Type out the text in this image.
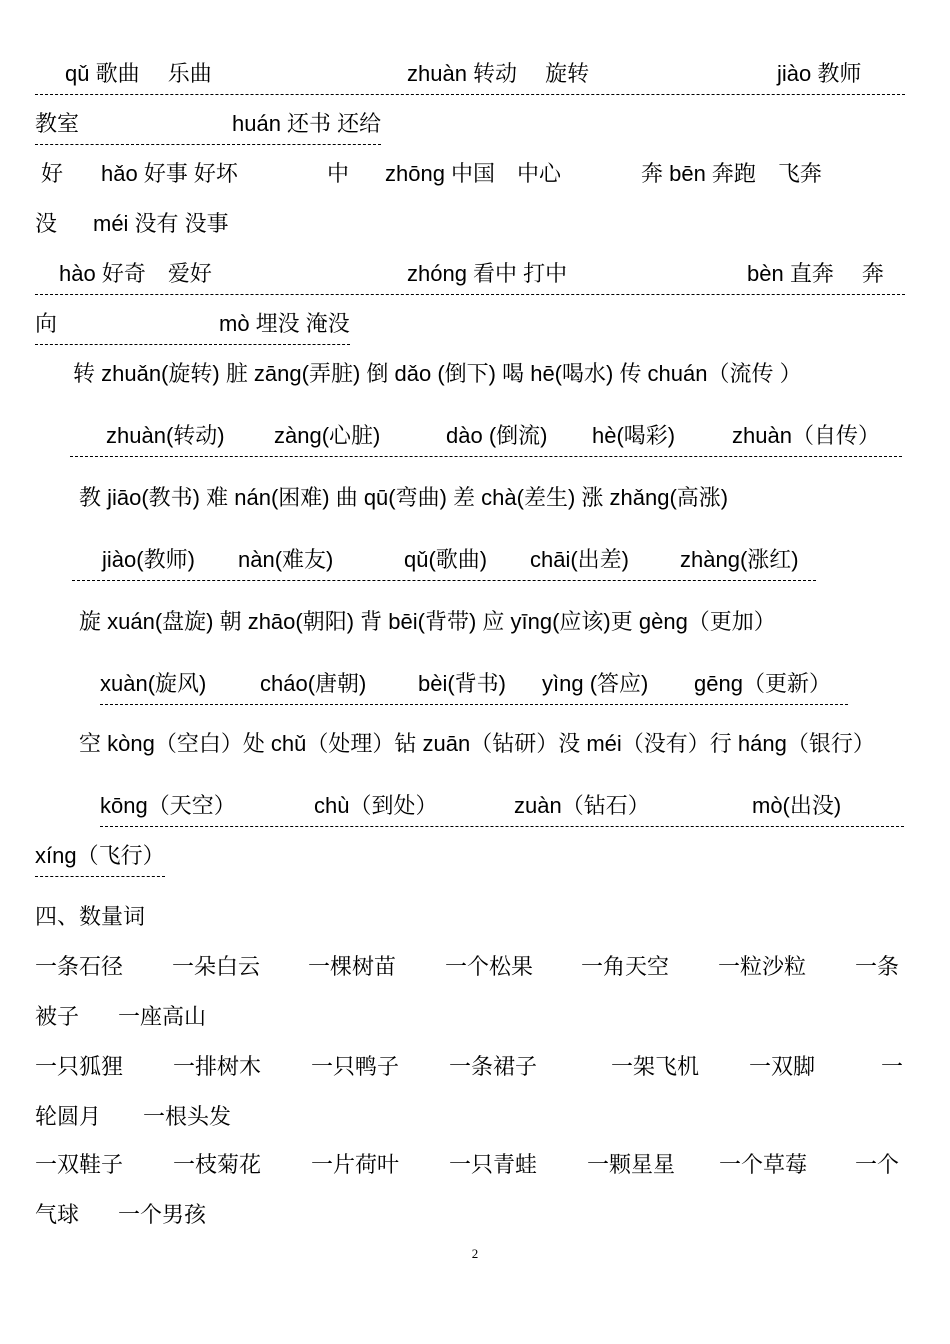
qǔ 歌曲　 乐曲	zhuàn 转动　 旋转	jiào 教师
教室	huán 还书 还给
好 hǎo 好事 好坏	中 zhōng 中国　中心	奔 bēn 奔跑　飞奔
没 méi 没有 没事
hào 好奇　爱好	zhóng 看中 打中	bèn 直奔　 奔
向	mò 埋没 淹没
转 zhuǎn(旋转) 脏 zāng(弄脏) 倒 dǎo (倒下) 喝 hē(喝水) 传 chuán（流传 ）
zhuàn(转动) zàng(心脏)	dào (倒流) hè(喝彩)	zhuàn（自传）
教 jiāo(教书) 难 nán(困难) 曲 qū(弯曲) 差 chà(差生) 涨 zhǎng(高涨)
jiào(教师) nàn(难友)	qǔ(歌曲) chāi(出差) zhàng(涨红)
旋 xuán(盘旋) 朝 zhāo(朝阳) 背 bēi(背带) 应 yīng(应该)更 gèng（更加）
xuàn(旋风) cháo(唐朝) bèi(背书) yìng (答应) gēng（更新）
空 kòng（空白）处 chǔ（处理）钻 zuān（钻研）没 méi（没有）行 háng（银行）
kōng（天空）	chù（到处）	zuàn（钻石）	mò(出没)
xíng（飞行）
四、数量词
一条石径 一朵白云 一棵树苗 一个松果 一角天空 一粒沙粒 一条
被子 一座高山
一只狐狸 一排树木 一只鸭子 一条裙子	一架飞机 一双脚	一
轮圆月 一根头发
一双鞋子 一枝菊花 一片荷叶 一只青蛙 一颗星星 一个草莓 一个
气球 一个男孩
2
